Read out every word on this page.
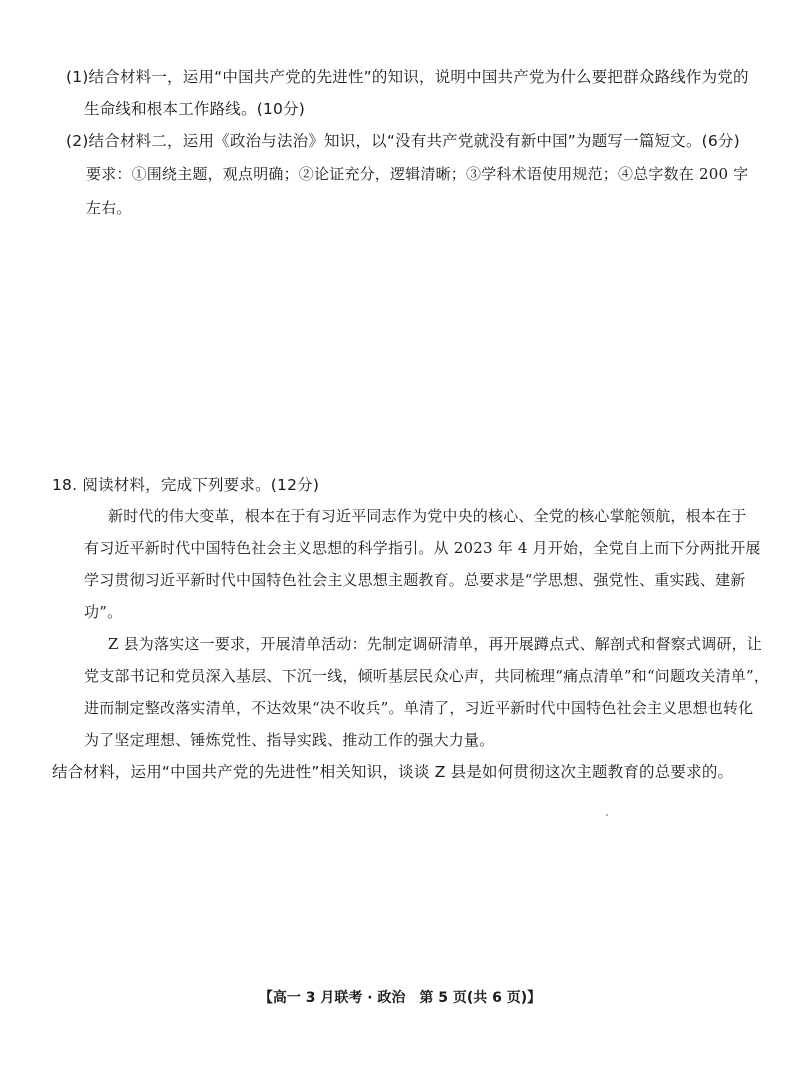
(1)结合材料一，运用“中国共产党的先进性”的知识，说明中国共产党为什么要把群众路线作为党的
生命线和根本工作路线。(10分)
(2)结合材料二，运用《政治与法治》知识，以“没有共产党就没有新中国”为题写一篇短文。(6分)
要求：①围绕主题，观点明确；②论证充分，逻辑清晰；③学科术语使用规范；④总字数在 200 字
左右。
18. 阅读材料，完成下列要求。(12分)
新时代的伟大变革，根本在于有习近平同志作为党中央的核心、全党的核心掌舵领航，根本在于
有习近平新时代中国特色社会主义思想的科学指引。从 2023 年 4 月开始，全党自上而下分两批开展
学习贯彻习近平新时代中国特色社会主义思想主题教育。总要求是“学思想、强党性、重实践、建新
功”。
Z 县为落实这一要求，开展清单活动：先制定调研清单，再开展蹲点式、解剖式和督察式调研，让
党支部书记和党员深入基层、下沉一线，倾听基层民众心声，共同梳理“痛点清单”和“问题攻关清单”，
进而制定整改落实清单，不达效果“决不收兵”。单清了，习近平新时代中国特色社会主义思想也转化
为了坚定理想、锤炼党性、指导实践、推动工作的强大力量。
结合材料，运用“中国共产党的先进性”相关知识，谈谈 Z 县是如何贯彻这次主题教育的总要求的。
【高一 3 月联考 · 政治　第 5 页(共 6 页)】
